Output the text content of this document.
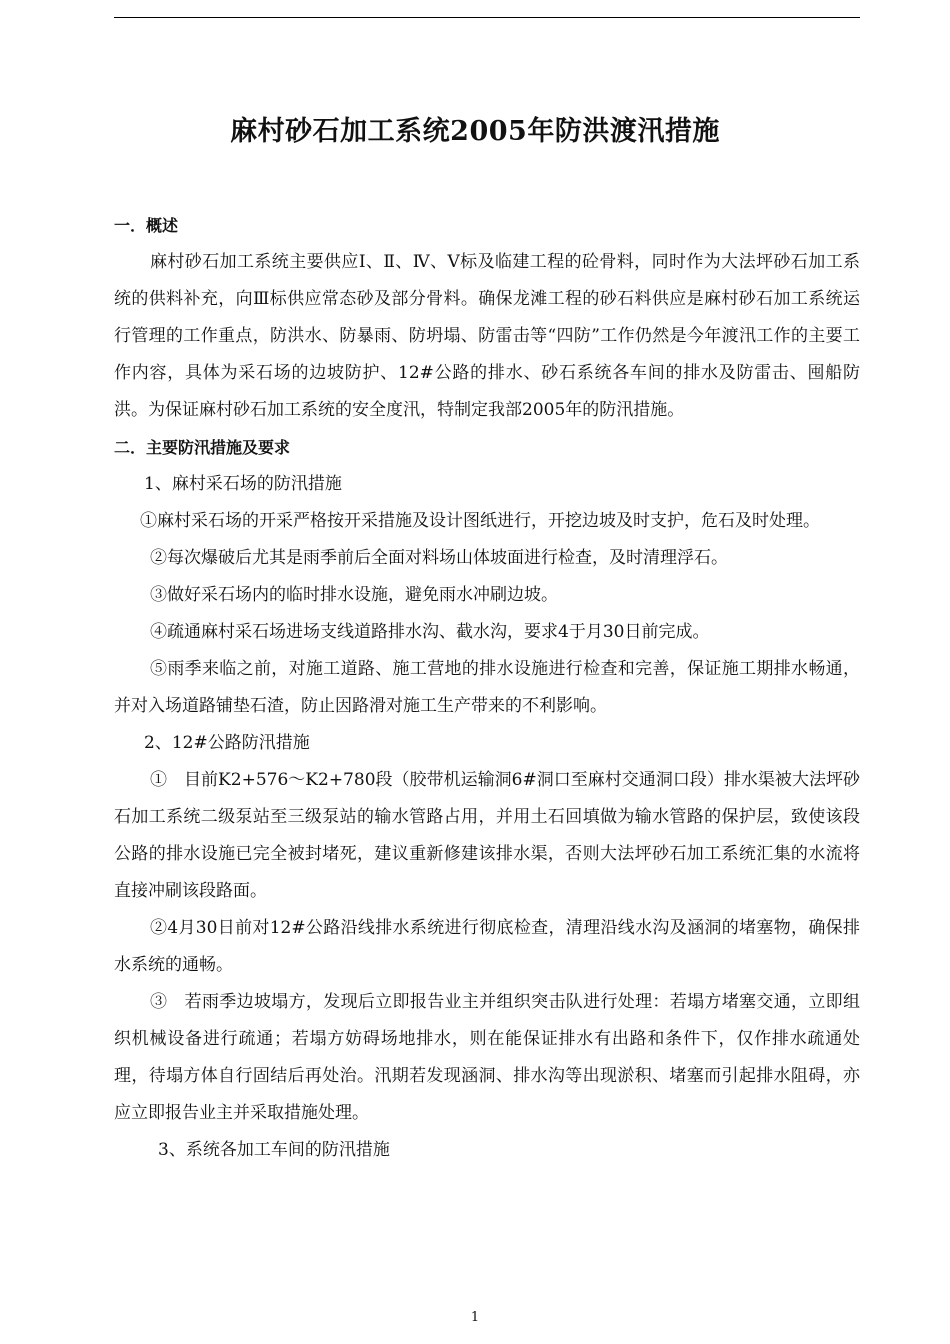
麻村砂石加工系统2005年防洪渡汛措施

一．概述

麻村砂石加工系统主要供应Ⅰ、Ⅱ、Ⅳ、Ⅴ标及临建工程的砼骨料，同时作为大法坪砂石加工系统的供料补充，向Ⅲ标供应常态砂及部分骨料。确保龙滩工程的砂石料供应是麻村砂石加工系统运行管理的工作重点，防洪水、防暴雨、防坍塌、防雷击等“四防”工作仍然是今年渡汛工作的主要工作内容，具体为采石场的边坡防护、12#公路的排水、砂石系统各车间的排水及防雷击、囤船防洪。为保证麻村砂石加工系统的安全度汛，特制定我部2005年的防汛措施。

二．主要防汛措施及要求

1、麻村采石场的防汛措施

①麻村采石场的开采严格按开采措施及设计图纸进行，开挖边坡及时支护，危石及时处理。

②每次爆破后尤其是雨季前后全面对料场山体坡面进行检查，及时清理浮石。

③做好采石场内的临时排水设施，避免雨水冲刷边坡。

④疏通麻村采石场进场支线道路排水沟、截水沟，要求4于月30日前完成。

⑤雨季来临之前，对施工道路、施工营地的排水设施进行检查和完善，保证施工期排水畅通，并对入场道路铺垫石渣，防止因路滑对施工生产带来的不利影响。

2、12#公路防汛措施

①　目前K2+576～K2+780段（胶带机运输洞6#洞口至麻村交通洞口段）排水渠被大法坪砂石加工系统二级泵站至三级泵站的输水管路占用，并用土石回填做为输水管路的保护层，致使该段公路的排水设施已完全被封堵死，建议重新修建该排水渠，否则大法坪砂石加工系统汇集的水流将直接冲刷该段路面。

②4月30日前对12#公路沿线排水系统进行彻底检查，清理沿线水沟及涵洞的堵塞物，确保排水系统的通畅。

③　若雨季边坡塌方，发现后立即报告业主并组织突击队进行处理：若塌方堵塞交通，立即组织机械设备进行疏通；若塌方妨碍场地排水，则在能保证排水有出路和条件下，仅作排水疏通处理，待塌方体自行固结后再处治。汛期若发现涵洞、排水沟等出现淤积、堵塞而引起排水阻碍，亦应立即报告业主并采取措施处理。

3、系统各加工车间的防汛措施

1
